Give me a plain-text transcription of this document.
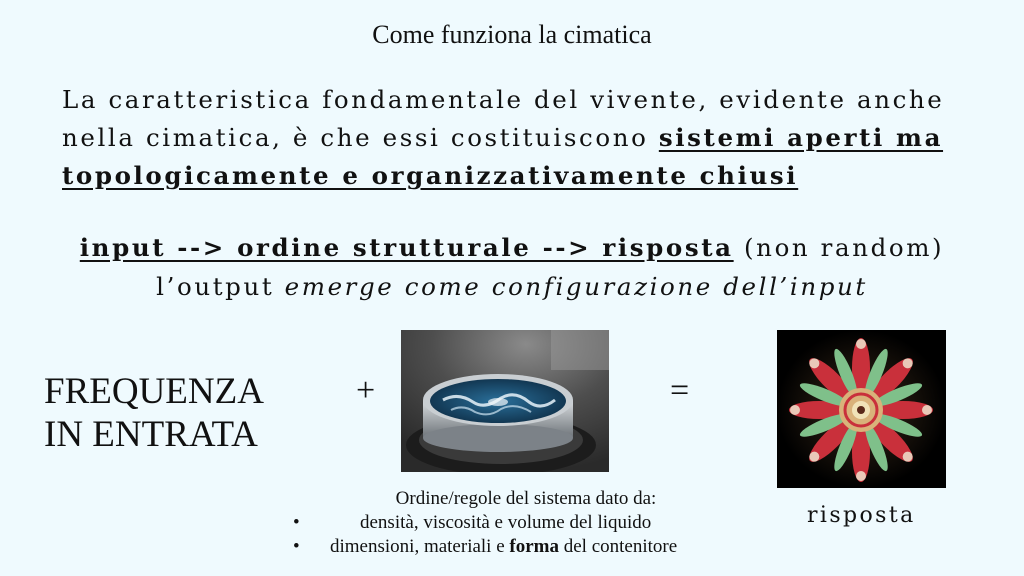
Come funziona la cimatica
La caratteristica fondamentale del vivente, evidente anche nella cimatica, è che essi costituiscono sistemi aperti ma topologicamente e organizzativamente chiusi
input --> ordine strutturale --> risposta (non random)
l’output emerge come configurazione dell’input
FREQUENZA
IN ENTRATA
+	=
Ordine/regole del sistema dato da:
•	densità, viscosità e volume del liquido
• dimensioni, materiali e forma del contenitore
risposta
